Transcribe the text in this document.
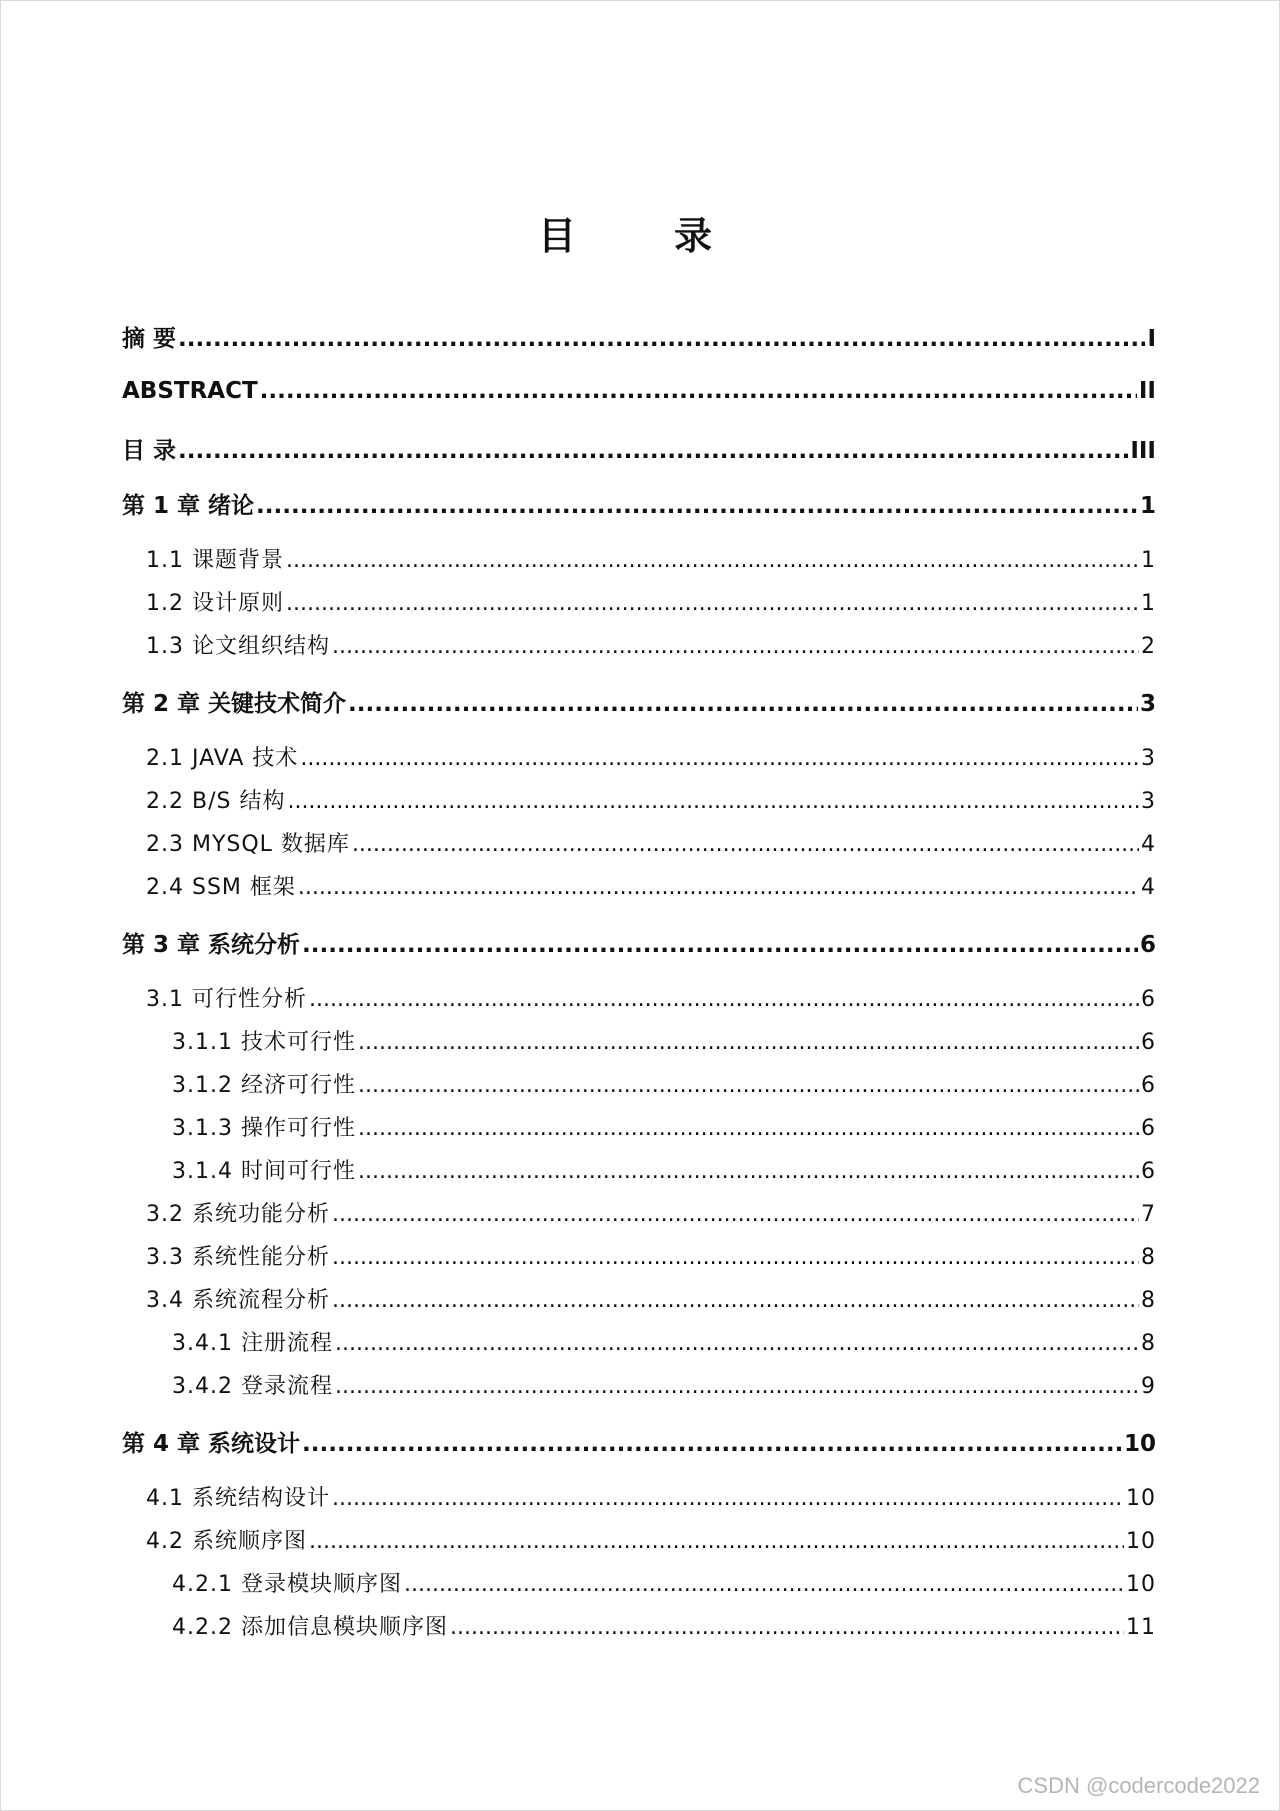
目　录
摘 要 .....	I
ABSTRACT .....	II
目 录 .....	III
第 1 章 绪论 .....	1
1.1 课题背景 .....	1
1.2 设计原则 .....	1
1.3 论文组织结构 .....	2
第 2 章 关键技术简介 .....	3
2.1 JAVA 技术 .....	3
2.2 B/S 结构 .....	3
2.3 MYSQL 数据库 .....	4
2.4 SSM 框架 .....	4
第 3 章 系统分析 .....	6
3.1 可行性分析 .....	6
3.1.1 技术可行性 .....	6
3.1.2 经济可行性 .....	6
3.1.3 操作可行性 .....	6
3.1.4 时间可行性 .....	6
3.2 系统功能分析 .....	7
3.3 系统性能分析 .....	8
3.4 系统流程分析 .....	8
3.4.1 注册流程 .....	8
3.4.2 登录流程 .....	9
第 4 章 系统设计 .....	10
4.1 系统结构设计 .....	10
4.2 系统顺序图 .....	10
4.2.1 登录模块顺序图 .....	10
4.2.2 添加信息模块顺序图 .....	11
CSDN @codercode2022
